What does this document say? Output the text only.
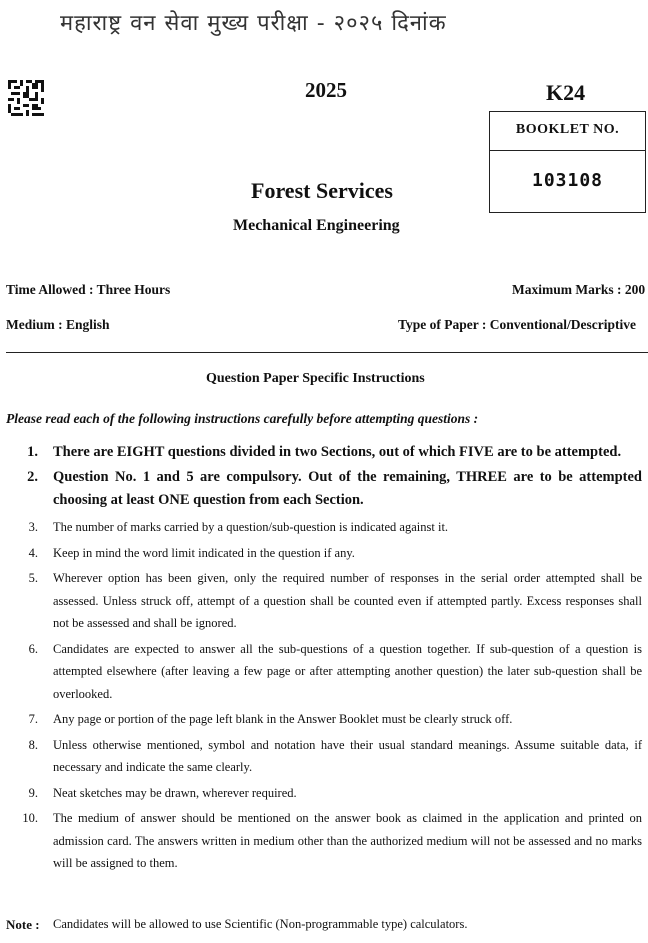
महाराष्ट्र वन सेवा मुख्य परीक्षा - २०२५ दिनांक
2025	K24
BOOKLET NO.
103108
Forest Services
Mechanical Engineering
Time Allowed : Three Hours	Maximum Marks : 200
Medium : English	Type of Paper : Conventional/Descriptive
Question Paper Specific Instructions
Please read each of the following instructions carefully before attempting questions :
1. There are EIGHT questions divided in two Sections, out of which FIVE are to be attempted.
2. Question No. 1 and 5 are compulsory. Out of the remaining, THREE are to be attempted choosing at least ONE question from each Section.
3. The number of marks carried by a question/sub-question is indicated against it.
4. Keep in mind the word limit indicated in the question if any.
5. Wherever option has been given, only the required number of responses in the serial order attempted shall be assessed. Unless struck off, attempt of a question shall be counted even if attempted partly. Excess responses shall not be assessed and shall be ignored.
6. Candidates are expected to answer all the sub-questions of a question together. If sub-question of a question is attempted elsewhere (after leaving a few page or after attempting another question) the later sub-question shall be overlooked.
7. Any page or portion of the page left blank in the Answer Booklet must be clearly struck off.
8. Unless otherwise mentioned, symbol and notation have their usual standard meanings. Assume suitable data, if necessary and indicate the same clearly.
9. Neat sketches may be drawn, wherever required.
10. The medium of answer should be mentioned on the answer book as claimed in the application and printed on admission card. The answers written in medium other than the authorized medium will not be assessed and no marks will be assigned to them.
Note : Candidates will be allowed to use Scientific (Non-programmable type) calculators.
